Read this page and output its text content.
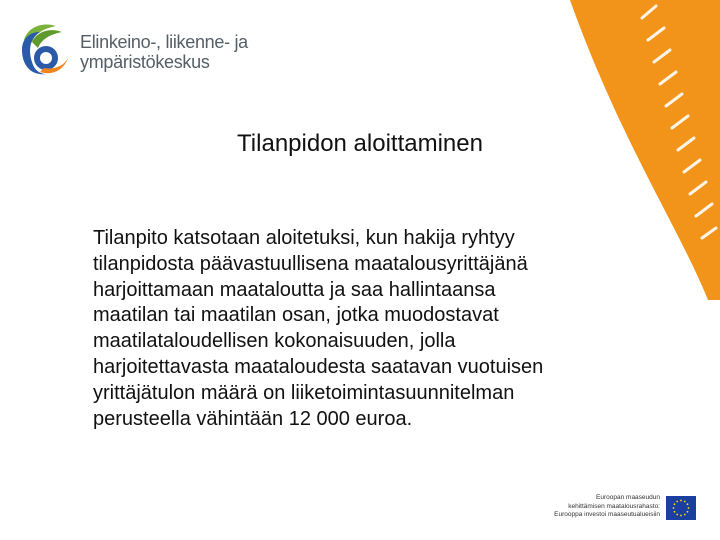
Elinkeino-, liikenne- ja
ympäristökeskus
Tilanpidon aloittaminen
Tilanpito katsotaan aloitetuksi, kun hakija ryhtyy
tilanpidosta päävastuullisena maatalousyrittäjänä
harjoittamaan maataloutta ja saa hallintaansa
maatilan tai maatilan osan, jotka muodostavat
maatilataloudellisen kokonaisuuden, jolla
harjoitettavasta maataloudesta saatavan vuotuisen
yrittäjätulon määrä on liiketoimintasuunnitelman
perusteella vähintään 12 000 euroa.
Euroopan maaseudun
kehittämisen maatalousrahasto:
Eurooppa investoi maaseutualueisiin
